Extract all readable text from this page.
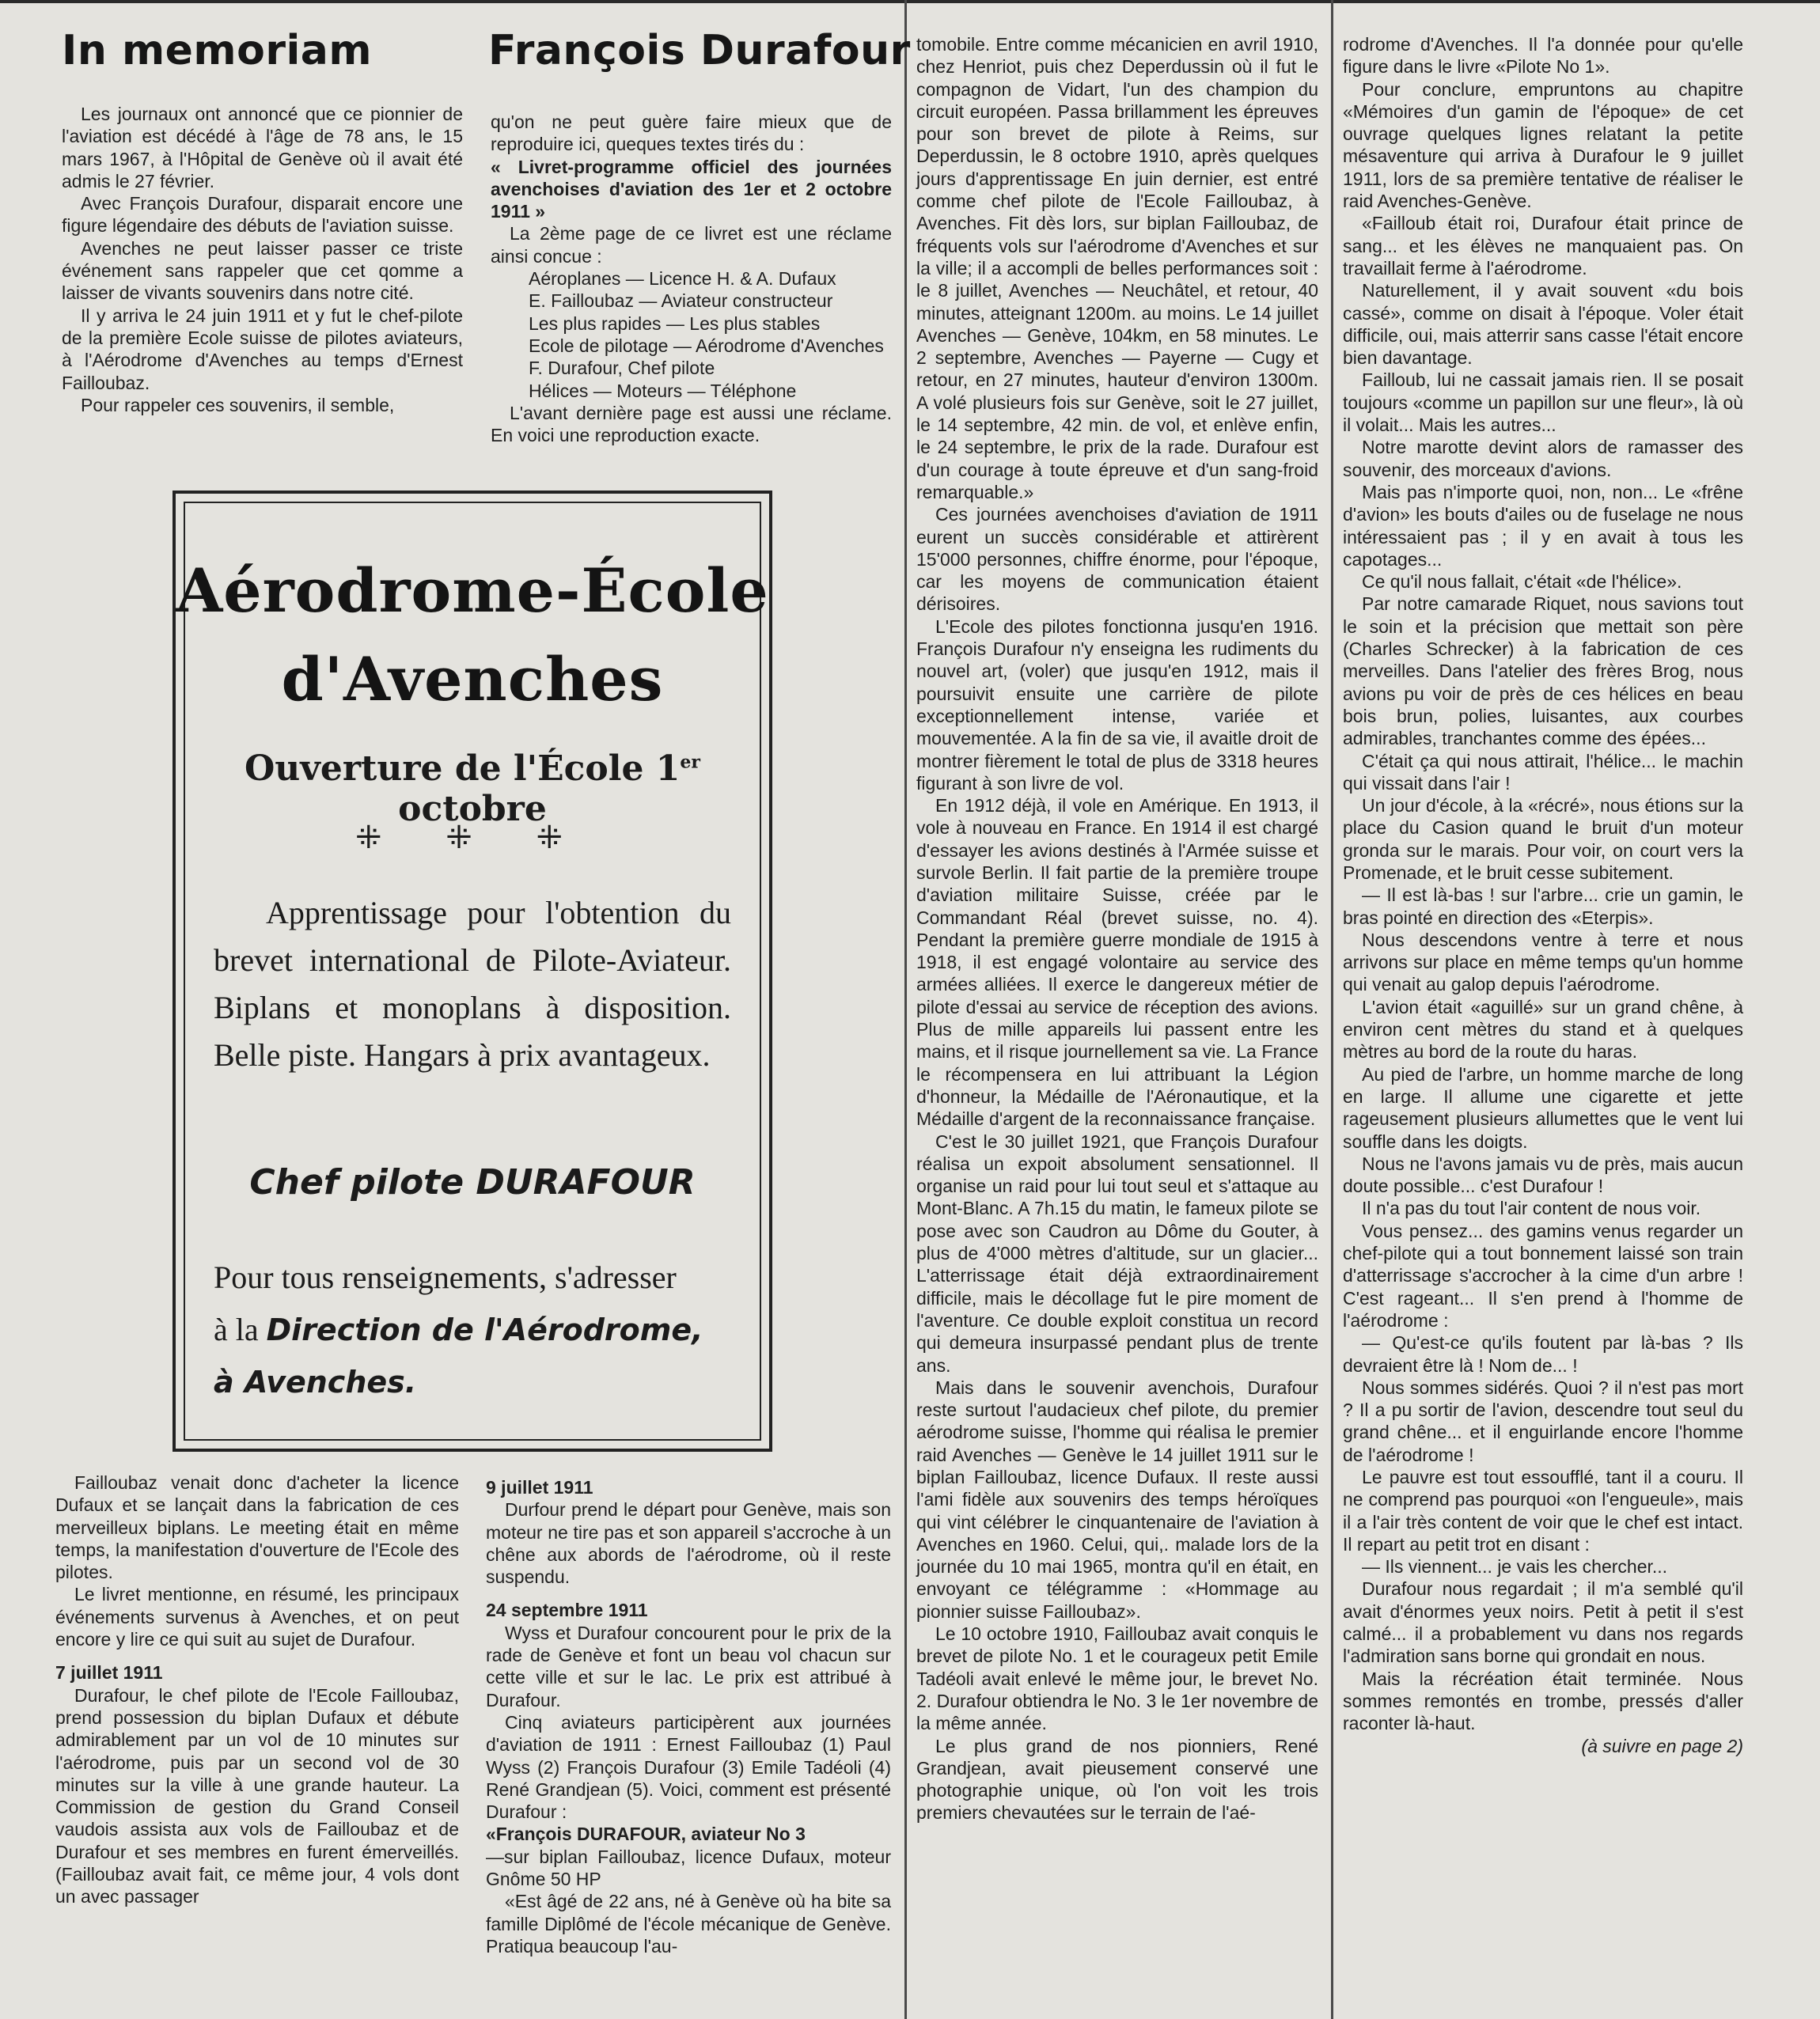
In memoriam	François Durafour

Les journaux ont annoncé que ce pionnier de l'aviation est décédé à l'âge de 78 ans, le 15 mars 1967, à l'Hôpital de Genève où il avait été admis le 27 février.

Avec François Durafour, disparait encore une figure légendaire des débuts de l'aviation suisse.

Avenches ne peut laisser passer ce triste événement sans rappeler que cet qomme a laisser de vivants souvenirs dans notre cité.

Il y arriva le 24 juin 1911 et y fut le chef-pilote de la première Ecole suisse de pilotes aviateurs, à l'Aérodrome d'Avenches au temps d'Ernest Failloubaz.

Pour rappeler ces souvenirs, il semble,

qu'on ne peut guère faire mieux que de reproduire ici, queques textes tirés du :

« Livret-programme officiel des journées avenchoises d'aviation des 1er et 2 octobre 1911 »

La 2ème page de ce livret est une réclame ainsi concue :

Aéroplanes — Licence H. & A. Dufaux

E. Failloubaz — Aviateur constructeur

Les plus rapides — Les plus stables

Ecole de pilotage — Aérodrome d'Avenches

F. Durafour, Chef pilote

Hélices — Moteurs — Téléphone

L'avant dernière page est aussi une réclame. En voici une reproduction exacte.

Aérodrome-École
d'Avenches
Ouverture de l'École 1er octobre
⁜ ⁜ ⁜
Apprentissage pour l'obtention du brevet international de Pilote-Aviateur. Biplans et monoplans à disposition. Belle piste. Hangars à prix avantageux.
Chef pilote DURAFOUR
Pour tous renseignements, s'adresser
à la Direction de l'Aérodrome,
à Avenches.

Failloubaz venait donc d'acheter la licence Dufaux et se lançait dans la fabrication de ces merveilleux biplans. Le meeting était en même temps, la manifestation d'ouverture de l'Ecole des pilotes.

Le livret mentionne, en résumé, les principaux événements survenus à Avenches, et on peut encore y lire ce qui suit au sujet de Durafour.

7 juillet 1911

Durafour, le chef pilote de l'Ecole Failloubaz, prend possession du biplan Dufaux et débute admirablement par un vol de 10 minutes sur l'aérodrome, puis par un second vol de 30 minutes sur la ville à une grande hauteur. La Commission de gestion du Grand Conseil vaudois assista aux vols de Failloubaz et de Durafour et ses membres en furent émerveillés. (Failloubaz avait fait, ce même jour, 4 vols dont un avec passager

9 juillet 1911

Durfour prend le départ pour Genève, mais son moteur ne tire pas et son appareil s'accroche à un chêne aux abords de l'aérodrome, où il reste suspendu.

24 septembre 1911

Wyss et Durafour concourent pour le prix de la rade de Genève et font un beau vol chacun sur cette ville et sur le lac. Le prix est attribué à Durafour.

Cinq aviateurs participèrent aux journées d'aviation de 1911 : Ernest Failloubaz (1) Paul Wyss (2) François Durafour (3) Emile Tadéoli (4) René Grandjean (5). Voici, comment est présenté Durafour :

«François DURAFOUR, aviateur No 3

—sur biplan Failloubaz, licence Dufaux, moteur Gnôme 50 HP

«Est âgé de 22 ans, né à Genève où ha bite sa famille Diplômé de l'école mécanique de Genève. Pratiqua beaucoup l'au-

tomobile. Entre comme mécanicien en avril 1910, chez Henriot, puis chez Deperdussin où il fut le compagnon de Vidart, l'un des champion du circuit européen. Passa brillamment les épreuves pour son brevet de pilote à Reims, sur Deperdussin, le 8 octobre 1910, après quelques jours d'apprentissage En juin dernier, est entré comme chef pilote de l'Ecole Failloubaz, à Avenches. Fit dès lors, sur biplan Failloubaz, de fréquents vols sur l'aérodrome d'Avenches et sur la ville; il a accompli de belles performances soit : le 8 juillet, Avenches — Neuchâtel, et retour, 40 minutes, atteignant 1200m. au moins. Le 14 juillet Avenches — Genève, 104km, en 58 minutes. Le 2 septembre, Avenches — Payerne — Cugy et retour, en 27 minutes, hauteur d'environ 1300m. A volé plusieurs fois sur Genève, soit le 27 juillet, le 14 septembre, 42 min. de vol, et enlève enfin, le 24 septembre, le prix de la rade. Durafour est d'un courage à toute épreuve et d'un sang-froid remarquable.»

Ces journées avenchoises d'aviation de 1911 eurent un succès considérable et attirèrent 15'000 personnes, chiffre énorme, pour l'époque, car les moyens de communication étaient dérisoires.

L'Ecole des pilotes fonctionna jusqu'en 1916. François Durafour n'y enseigna les rudiments du nouvel art, (voler) que jusqu'en 1912, mais il poursuivit ensuite une carrière de pilote exceptionnellement intense, variée et mouvementée. A la fin de sa vie, il avaitle droit de montrer fièrement le total de plus de 3318 heures figurant à son livre de vol.

En 1912 déjà, il vole en Amérique. En 1913, il vole à nouveau en France. En 1914 il est chargé d'essayer les avions destinés à l'Armée suisse et survole Berlin. Il fait partie de la première troupe d'aviation militaire Suisse, créée par le Commandant Réal (brevet suisse, no. 4). Pendant la première guerre mondiale de 1915 à 1918, il est engagé volontaire au service des armées alliées. Il exerce le dangereux métier de pilote d'essai au service de réception des avions. Plus de mille appareils lui passent entre les mains, et il risque journellement sa vie. La France le récompensera en lui attribuant la Légion d'honneur, la Médaille de l'Aéronautique, et la Médaille d'argent de la reconnaissance française.

C'est le 30 juillet 1921, que François Durafour réalisa un expoit absolument sensationnel. Il organise un raid pour lui tout seul et s'attaque au Mont-Blanc. A 7h.15 du matin, le fameux pilote se pose avec son Caudron au Dôme du Gouter, à plus de 4'000 mètres d'altitude, sur un glacier... L'atterrissage était déjà extraordinairement difficile, mais le décollage fut le pire moment de l'aventure. Ce double exploit constitua un record qui demeura insurpassé pendant plus de trente ans.

Mais dans le souvenir avenchois, Durafour reste surtout l'audacieux chef pilote, du premier aérodrome suisse, l'homme qui réalisa le premier raid Avenches — Genève le 14 juillet 1911 sur le biplan Failloubaz, licence Dufaux. Il reste aussi l'ami fidèle aux souvenirs des temps héroïques qui vint célébrer le cinquantenaire de l'aviation à Avenches en 1960. Celui, qui,. malade lors de la journée du 10 mai 1965, montra qu'il en était, en envoyant ce télégramme : «Hommage au pionnier suisse Failloubaz».

Le 10 octobre 1910, Failloubaz avait conquis le brevet de pilote No. 1 et le courageux petit Emile Tadéoli avait enlevé le même jour, le brevet No. 2. Durafour obtiendra le No. 3 le 1er novembre de la même année.

Le plus grand de nos pionniers, René Grandjean, avait pieusement conservé une photographie unique, où l'on voit les trois premiers chevautées sur le terrain de l'aé-

rodrome d'Avenches. Il l'a donnée pour qu'elle figure dans le livre «Pilote No 1».

Pour conclure, empruntons au chapitre «Mémoires d'un gamin de l'époque» de cet ouvrage quelques lignes relatant la petite mésaventure qui arriva à Durafour le 9 juillet 1911, lors de sa première tentative de réaliser le raid Avenches-Genève.

«Failloub était roi, Durafour était prince de sang... et les élèves ne manquaient pas. On travaillait ferme à l'aérodrome.

Naturellement, il y avait souvent «du bois cassé», comme on disait à l'époque. Voler était difficile, oui, mais atterrir sans casse l'était encore bien davantage.

Failloub, lui ne cassait jamais rien. Il se posait toujours «comme un papillon sur une fleur», là où il volait... Mais les autres...

Notre marotte devint alors de ramasser des souvenir, des morceaux d'avions.

Mais pas n'importe quoi, non, non... Le «frêne d'avion» les bouts d'ailes ou de fuselage ne nous intéressaient pas ; il y en avait à tous les capotages...

Ce qu'il nous fallait, c'était «de l'hélice».

Par notre camarade Riquet, nous savions tout le soin et la précision que mettait son père (Charles Schrecker) à la fabrication de ces merveilles. Dans l'atelier des frères Brog, nous avions pu voir de près de ces hélices en beau bois brun, polies, luisantes, aux courbes admirables, tranchantes comme des épées...

C'était ça qui nous attirait, l'hélice... le machin qui vissait dans l'air !

Un jour d'école, à la «récré», nous étions sur la place du Casion quand le bruit d'un moteur gronda sur le marais. Pour voir, on court vers la Promenade, et le bruit cesse subitement.

— Il est là-bas ! sur l'arbre... crie un gamin, le bras pointé en direction des «Eterpis».

Nous descendons ventre à terre et nous arrivons sur place en même temps qu'un homme qui venait au galop depuis l'aérodrome.

L'avion était «aguillé» sur un grand chêne, à environ cent mètres du stand et à quelques mètres au bord de la route du haras.

Au pied de l'arbre, un homme marche de long en large. Il allume une cigarette et jette rageusement plusieurs allumettes que le vent lui souffle dans les doigts.

Nous ne l'avons jamais vu de près, mais aucun doute possible... c'est Durafour !

Il n'a pas du tout l'air content de nous voir.

Vous pensez... des gamins venus regarder un chef-pilote qui a tout bonnement laissé son train d'atterrissage s'accrocher à la cime d'un arbre ! C'est rageant... Il s'en prend à l'homme de l'aérodrome :

— Qu'est-ce qu'ils foutent par là-bas ? Ils devraient être là ! Nom de... !

Nous sommes sidérés. Quoi ? il n'est pas mort ? Il a pu sortir de l'avion, descendre tout seul du grand chêne... et il enguirlande encore l'homme de l'aérodrome !

Le pauvre est tout essoufflé, tant il a couru. Il ne comprend pas pourquoi «on l'engueule», mais il a l'air très content de voir que le chef est intact. Il repart au petit trot en disant :

— Ils viennent... je vais les chercher...

Durafour nous regardait ; il m'a semblé qu'il avait d'énormes yeux noirs. Petit à petit il s'est calmé... il a probablement vu dans nos regards l'admiration sans borne qui grondait en nous.

Mais la récréation était terminée. Nous sommes remontés en trombe, pressés d'aller raconter là-haut.

(à suivre en page 2)
